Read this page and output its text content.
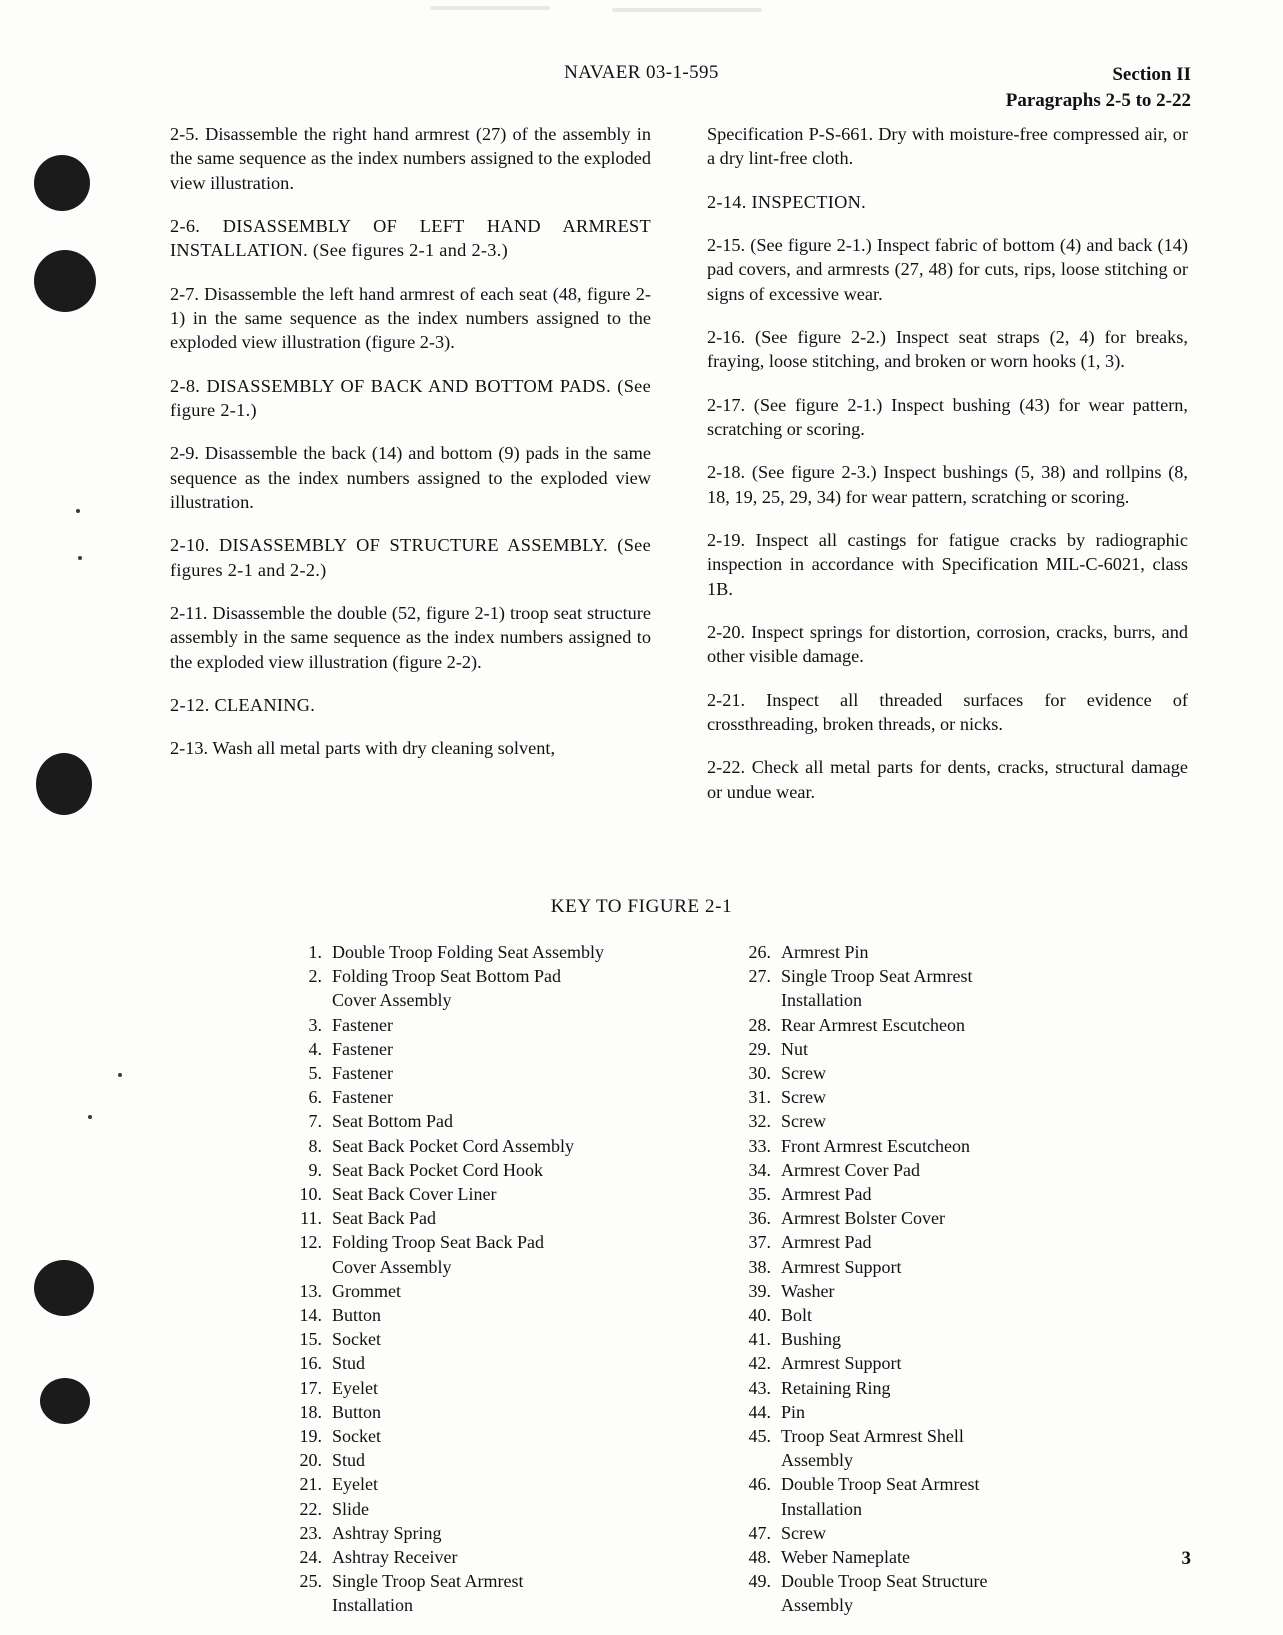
NAVAER 03-1-595	Section II
Paragraphs 2-5 to 2-22
2-5. Disassemble the right hand armrest (27) of the assembly in the same sequence as the index numbers assigned to the exploded view illustration.
2-6. DISASSEMBLY OF LEFT HAND ARMREST INSTALLATION. (See figures 2-1 and 2-3.)
2-7. Disassemble the left hand armrest of each seat (48, figure 2-1) in the same sequence as the index numbers assigned to the exploded view illustration (figure 2-3).
2-8. DISASSEMBLY OF BACK AND BOTTOM PADS. (See figure 2-1.)
2-9. Disassemble the back (14) and bottom (9) pads in the same sequence as the index numbers assigned to the exploded view illustration.
2-10. DISASSEMBLY OF STRUCTURE ASSEMBLY. (See figures 2-1 and 2-2.)
2-11. Disassemble the double (52, figure 2-1) troop seat structure assembly in the same sequence as the index numbers assigned to the exploded view illustration (figure 2-2).
2-12. CLEANING.
2-13. Wash all metal parts with dry cleaning solvent,
Specification P-S-661. Dry with moisture-free compressed air, or a dry lint-free cloth.
2-14. INSPECTION.
2-15. (See figure 2-1.) Inspect fabric of bottom (4) and back (14) pad covers, and armrests (27, 48) for cuts, rips, loose stitching or signs of excessive wear.
2-16. (See figure 2-2.) Inspect seat straps (2, 4) for breaks, fraying, loose stitching, and broken or worn hooks (1, 3).
2-17. (See figure 2-1.) Inspect bushing (43) for wear pattern, scratching or scoring.
2-18. (See figure 2-3.) Inspect bushings (5, 38) and rollpins (8, 18, 19, 25, 29, 34) for wear pattern, scratching or scoring.
2-19. Inspect all castings for fatigue cracks by radiographic inspection in accordance with Specification MIL-C-6021, class 1B.
2-20. Inspect springs for distortion, corrosion, cracks, burrs, and other visible damage.
2-21. Inspect all threaded surfaces for evidence of crossthreading, broken threads, or nicks.
2-22. Check all metal parts for dents, cracks, structural damage or undue wear.
KEY TO FIGURE 2-1
1. Double Troop Folding Seat Assembly
2. Folding Troop Seat Bottom Pad
Cover Assembly
3. Fastener
4. Fastener
5. Fastener
6. Fastener
7. Seat Bottom Pad
8. Seat Back Pocket Cord Assembly
9. Seat Back Pocket Cord Hook
10. Seat Back Cover Liner
11. Seat Back Pad
12. Folding Troop Seat Back Pad
Cover Assembly
13. Grommet
14. Button
15. Socket
16. Stud
17. Eyelet
18. Button
19. Socket
20. Stud
21. Eyelet
22. Slide
23. Ashtray Spring
24. Ashtray Receiver
25. Single Troop Seat Armrest
Installation
26. Armrest Pin
27. Single Troop Seat Armrest
Installation
28. Rear Armrest Escutcheon
29. Nut
30. Screw
31. Screw
32. Screw
33. Front Armrest Escutcheon
34. Armrest Cover Pad
35. Armrest Pad
36. Armrest Bolster Cover
37. Armrest Pad
38. Armrest Support
39. Washer
40. Bolt
41. Bushing
42. Armrest Support
43. Retaining Ring
44. Pin
45. Troop Seat Armrest Shell
Assembly
46. Double Troop Seat Armrest
Installation
47. Screw
48. Weber Nameplate
49. Double Troop Seat Structure
Assembly
3
